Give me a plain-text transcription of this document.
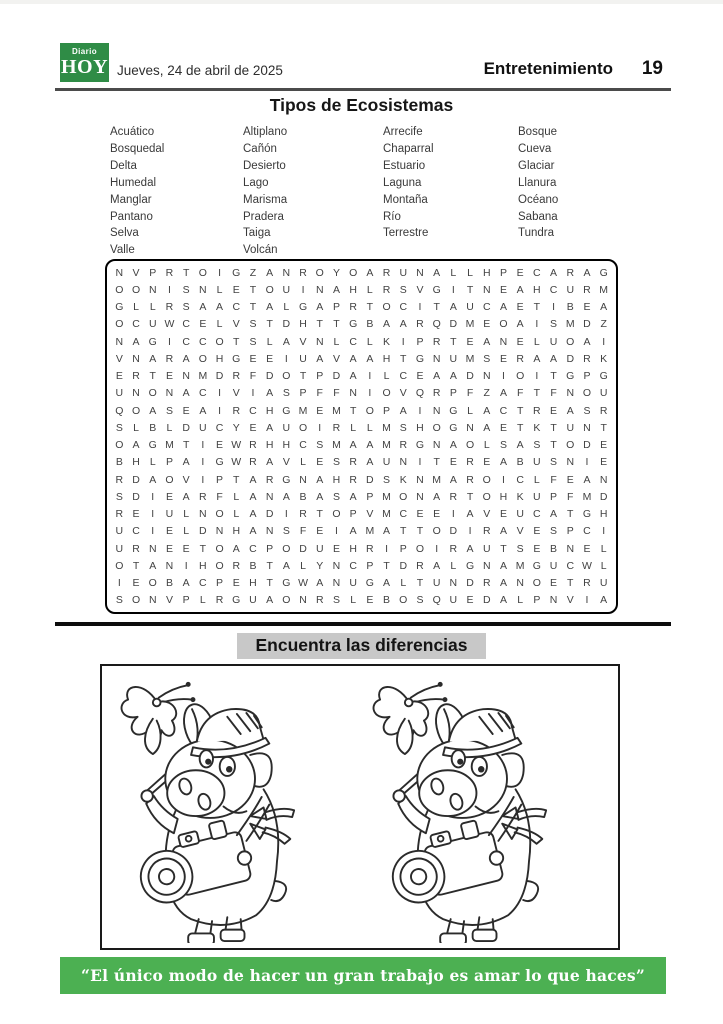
Diario
HOY Jueves, 24 de abril de 2025	Entretenimiento 19
Tipos de Ecosistemas
Acuático
Bosquedal
Delta
Humedal
Manglar
Pantano
Selva
Valle
Altiplano
Cañón
Desierto
Lago
Marisma
Pradera
Taiga
Volcán
Arrecife
Chaparral
Estuario
Laguna
Montaña
Río
Terrestre
Bosque
Cueva
Glaciar
Llanura
Océano
Sabana
Tundra
N V P R T O	I	G Z A N R O Y O A R U N A L	L H P E C A R A G
O O N	I	S N L E T O U	I	N A H L R S V G	I	T N E A H C U R M
G L	L R S A A C T A L G A P R T O C	I	T A U C A E T	I	B E A
O C U W C E L V S T D H T T G B A A R Q D M E O A	I	S M D Z
N A G	I	C C O T S L A V N L C L K	I	P R T E A N E L U O A	I
V N A R A O H G E E	I	U A V A A H T G N U M S E R A A D R K
E R T E N M D R F D O T P D A	I	L C E A A D N	I	O	I	T G P G
U N O N A C	I	V	I	A S P F F N	I	O V Q R P F Z A F T F N O U
Q O A S E A	I	R C H G M E M T O P A	I	N G L A C T R E A S R
S L B L D U C Y E A U O	I	R L	L M S H O G N A E T K T U N T
O A G M T	I	E W R H H C S M A A M R G N A O L S A S T O D E
B H L P A	I	G W R A V L E S R A U N	I	T E R E A B U S N	I	E
R D A O V	I	P T A R G N A H R D S K N M A R O	I	C L	F E A N
S D	I	E A R F	L A N A B A S A P M O N A R T O H K U P F M D
R E	I	U L N O L A D	I	R T O P V M C E E	I	A V E U C A T G H
U C	I	E L D N H A N S F E	I	A M A T T O D	I	R A V E S P C	I
U R N E E T O A C P O D U E H R	I	P O	I	R A U T S E B N E L
O T A N	I	H O R B T A L Y N C P T D R A L G N A M G U C W L
I	E O B A C P E H T G W A N U G A L	T U N D R A N O E T R U
S O N V P L R G U A O N R S L E B O S Q U E D A L P N V	I	A
Encuentra las diferencias
“El único modo de hacer un gran trabajo es amar lo que haces”
